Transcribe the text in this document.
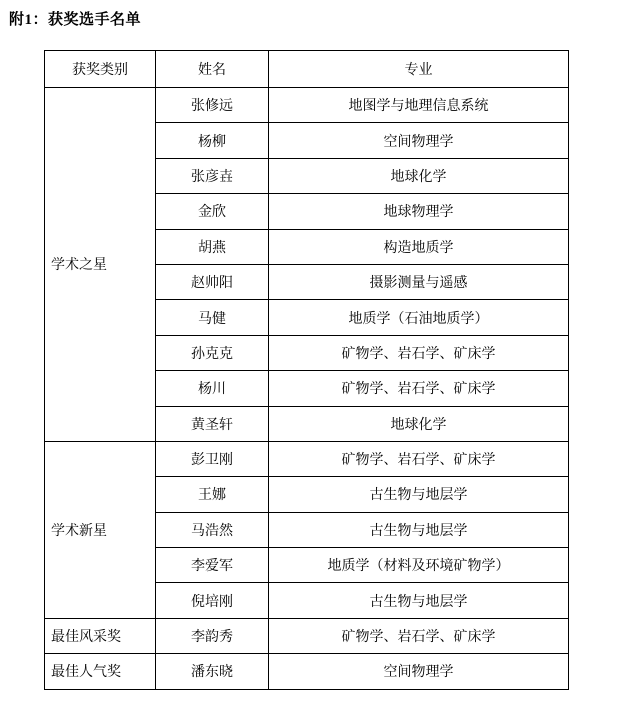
附1：获奖选手名单
获奖类别	姓名	专业
学术之星	张修远	地图学与地理信息系统
	杨柳	空间物理学
	张彦壵	地球化学
	金欣	地球物理学
	胡燕	构造地质学
	赵帅阳	摄影测量与遥感
	马健	地质学（石油地质学）
	孙克克	矿物学、岩石学、矿床学
	杨川	矿物学、岩石学、矿床学
	黄圣轩	地球化学
学术新星	彭卫刚	矿物学、岩石学、矿床学
	王娜	古生物与地层学
	马浩然	古生物与地层学
	李爱军	地质学（材料及环境矿物学）
	倪培刚	古生物与地层学
最佳风采奖	李韵秀	矿物学、岩石学、矿床学
最佳人气奖	潘东晓	空间物理学
